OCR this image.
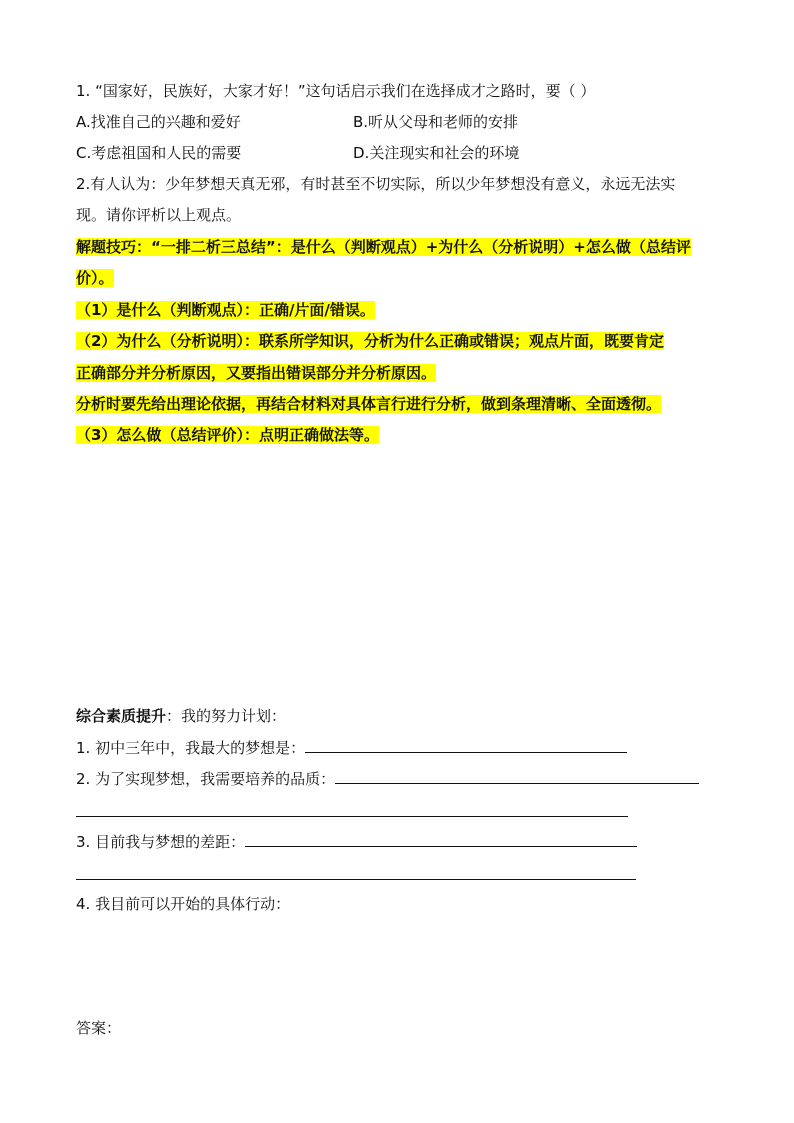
1. “国家好，民族好，大家才好！”这句话启示我们在选择成才之路时，要（ ）
A.找准自己的兴趣和爱好	B.听从父母和老师的安排
C.考虑祖国和人民的需要	D.关注现实和社会的环境
2.有人认为：少年梦想天真无邪，有时甚至不切实际，所以少年梦想没有意义，永远无法实
现。请你评析以上观点。
解题技巧：“一排二析三总结”：是什么（判断观点）+为什么（分析说明）+怎么做（总结评
价）。
（1）是什么（判断观点）：正确/片面/错误。
（2）为什么（分析说明）：联系所学知识，分析为什么正确或错误；观点片面，既要肯定
正确部分并分析原因，又要指出错误部分并分析原因。
分析时要先给出理论依据，再结合材料对具体言行进行分析，做到条理清晰、全面透彻。
（3）怎么做（总结评价）：点明正确做法等。
综合素质提升：我的努力计划：
1. 初中三年中，我最大的梦想是：
2. 为了实现梦想，我需要培养的品质：
3. 目前我与梦想的差距：
4. 我目前可以开始的具体行动：
答案：
